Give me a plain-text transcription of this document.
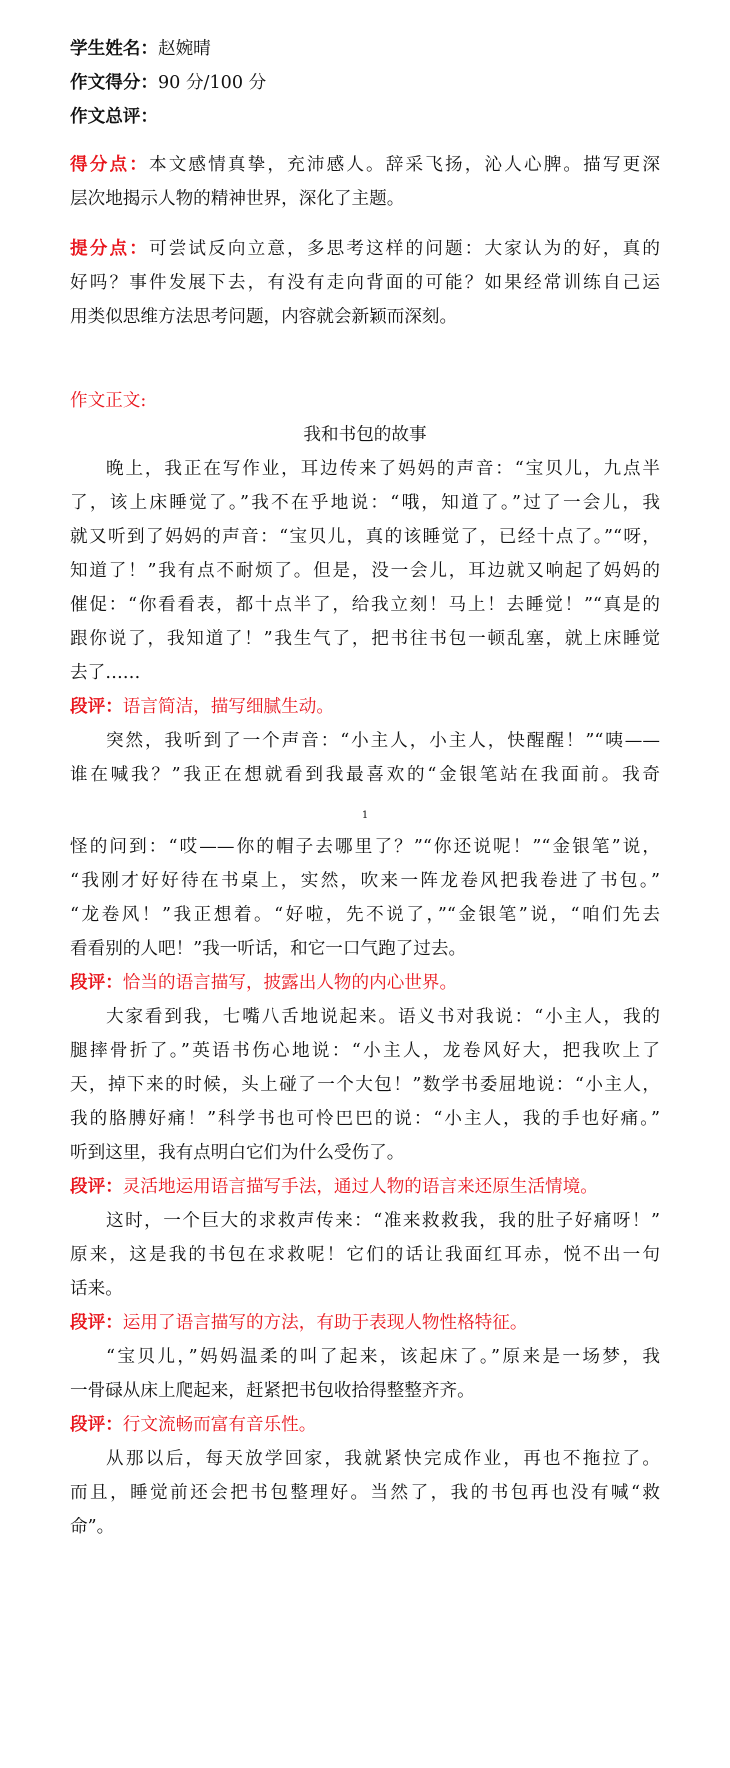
学生姓名：赵婉晴
作文得分：90 分/100 分
作文总评：
得分点：本文感情真挚，充沛感人。辞采飞扬，沁人心脾。描写更深
层次地揭示人物的精神世界，深化了主题。
提分点：可尝试反向立意，多思考这样的问题：大家认为的好，真的
好吗？事件发展下去，有没有走向背面的可能？如果经常训练自己运
用类似思维方法思考问题，内容就会新颖而深刻。
作文正文:
我和书包的故事
晚上，我正在写作业，耳边传来了妈妈的声音：“宝贝儿，九点半
了，该上床睡觉了。”我不在乎地说：“哦，知道了。”过了一会儿，我
就又听到了妈妈的声音：“宝贝儿，真的该睡觉了，已经十点了。”“呀，
知道了！”我有点不耐烦了。但是，没一会儿，耳边就又响起了妈妈的
催促：“你看看表，都十点半了，给我立刻！马上！去睡觉！”“真是的
跟你说了，我知道了！”我生气了，把书往书包一顿乱塞，就上床睡觉
去了……
段评：语言简洁，描写细腻生动。
突然，我听到了一个声音：“小主人，小主人，快醒醒！”“咦——
谁在喊我？”我正在想就看到我最喜欢的“金银笔站在我面前。我奇
1
怪的问到：“哎——你的帽子去哪里了？”“你还说呢！”“金银笔”说，
“我刚才好好待在书桌上，实然，吹来一阵龙卷风把我卷进了书包。”
“龙卷风！”我正想着。“好啦，先不说了，”“金银笔”说，“咱们先去
看看别的人吧！”我一听话，和它一口气跑了过去。
段评：恰当的语言描写，披露出人物的内心世界。
大家看到我，七嘴八舌地说起来。语义书对我说：“小主人，我的
腿摔骨折了。”英语书伤心地说：“小主人，龙卷风好大，把我吹上了
天，掉下来的时候，头上碰了一个大包！”数学书委屈地说：“小主人，
我的胳膊好痛！”科学书也可怜巴巴的说：“小主人，我的手也好痛。”
听到这里，我有点明白它们为什么受伤了。
段评：灵活地运用语言描写手法，通过人物的语言来还原生活情境。
这时，一个巨大的求救声传来：“准来救救我，我的肚子好痛呀！”
原来，这是我的书包在求救呢！它们的话让我面红耳赤，悦不出一句
话来。
段评：运用了语言描写的方法，有助于表现人物性格特征。
“宝贝儿，”妈妈温柔的叫了起来，该起床了。”原来是一场梦，我
一骨碌从床上爬起来，赶紧把书包收拾得整整齐齐。
段评：行文流畅而富有音乐性。
从那以后，每天放学回家，我就紧快完成作业，再也不拖拉了。
而且，睡觉前还会把书包整理好。当然了，我的书包再也没有喊“救
命”。
